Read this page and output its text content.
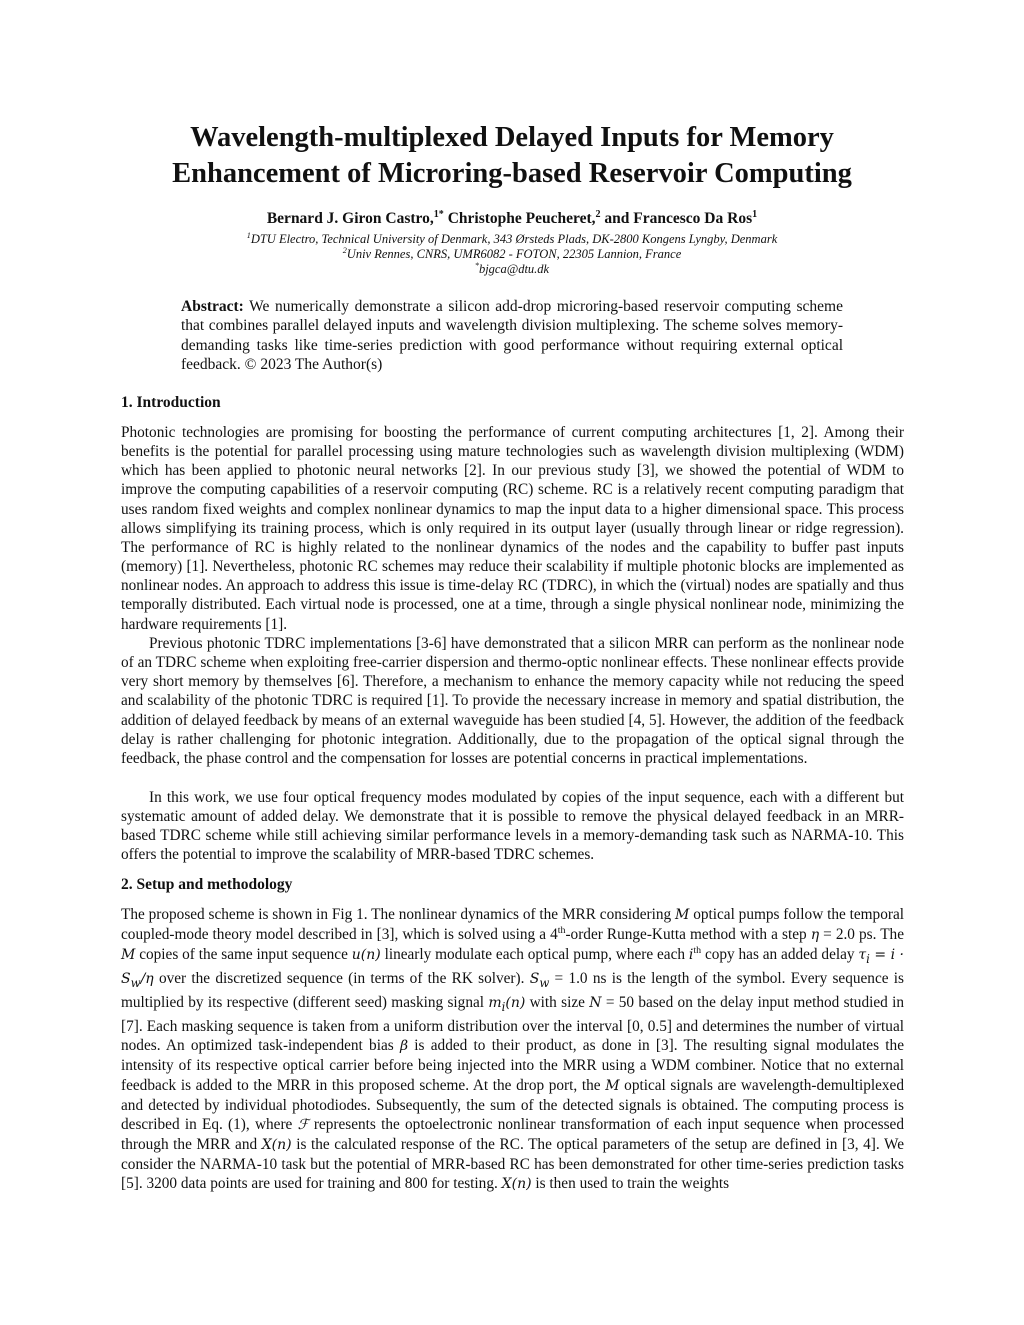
Wavelength-multiplexed Delayed Inputs for Memory
Enhancement of Microring-based Reservoir Computing
Bernard J. Giron Castro,$^{1*}$ Christophe Peucheret,$^2$ and Francesco Da Ros$^1$
$^1$DTU Electro, Technical University of Denmark, 343 Ørsteds Plads, DK-2800 Kongens Lyngby, Denmark
$^2$Univ Rennes, CNRS, UMR6082 - FOTON, 22305 Lannion, France
*bjgca@dtu.dk

Abstract: We numerically demonstrate a silicon add-drop microring-based reservoir computing scheme that combines parallel delayed inputs and wavelength division multiplexing. The scheme solves memory-demanding tasks like time-series prediction with good performance without requiring external optical feedback. © 2023 The Author(s)

1. Introduction

Photonic technologies are promising for boosting the performance of current computing architectures [1, 2]. Among their benefits is the potential for parallel processing using mature technologies such as wavelength division multiplexing (WDM) which has been applied to photonic neural networks [2]. In our previous study [3], we showed the potential of WDM to improve the computing capabilities of a reservoir computing (RC) scheme. RC is a relatively recent computing paradigm that uses random fixed weights and complex nonlinear dynamics to map the input data to a higher dimensional space. This process allows simplifying its training process, which is only required in its output layer (usually through linear or ridge regression). The performance of RC is highly related to the nonlinear dynamics of the nodes and the capability to buffer past inputs (memory) [1]. Nevertheless, photonic RC schemes may reduce their scalability if multiple photonic blocks are implemented as nonlinear nodes. An approach to address this issue is time-delay RC (TDRC), in which the (virtual) nodes are spatially and thus temporally distributed. Each virtual node is processed, one at a time, through a single physical nonlinear node, minimizing the hardware requirements [1].

Previous photonic TDRC implementations [3-6] have demonstrated that a silicon MRR can perform as the nonlinear node of an TDRC scheme when exploiting free-carrier dispersion and thermo-optic nonlinear effects. These nonlinear effects provide very short memory by themselves [6]. Therefore, a mechanism to enhance the memory capacity while not reducing the speed and scalability of the photonic TDRC is required [1]. To provide the necessary increase in memory and spatial distribution, the addition of delayed feedback by means of an external waveguide has been studied [4, 5]. However, the addition of the feedback delay is rather challenging for photonic integration. Additionally, due to the propagation of the optical signal through the feedback, the phase control and the compensation for losses are potential concerns in practical implementations.

In this work, we use four optical frequency modes modulated by copies of the input sequence, each with a different but systematic amount of added delay. We demonstrate that it is possible to remove the physical delayed feedback in an MRR-based TDRC scheme while still achieving similar performance levels in a memory-demanding task such as NARMA-10. This offers the potential to improve the scalability of MRR-based TDRC schemes.

2. Setup and methodology

The proposed scheme is shown in Fig 1. The nonlinear dynamics of the MRR considering M optical pumps follow the temporal coupled-mode theory model described in [3], which is solved using a 4th-order Runge-Kutta method with a step η = 2.0 ps. The M copies of the same input sequence u(n) linearly modulate each optical pump, where each $i^{th}$ copy has an added delay $\tau_i = i \cdot S_w/\eta$ over the discretized sequence (in terms of the RK solver). $S_w = 1.0$ ns is the length of the symbol. Every sequence is multiplied by its respective (different seed) masking signal $m_i(n)$ with size N = 50 based on the delay input method studied in [7]. Each masking sequence is taken from a uniform distribution over the interval [0, 0.5] and determines the number of virtual nodes. An optimized task-independent bias β is added to their product, as done in [3]. The resulting signal modulates the intensity of its respective optical carrier before being injected into the MRR using a WDM combiner. Notice that no external feedback is added to the MRR in this proposed scheme. At the drop port, the M optical signals are wavelength-demultiplexed and detected by individual photodiodes. Subsequently, the sum of the detected signals is obtained. The computing process is described in Eq. (1), where ℱ represents the optoelectronic nonlinear transformation of each input sequence when processed through the MRR and X(n) is the calculated response of the RC. The optical parameters of the setup are defined in [3, 4]. We consider the NARMA-10 task but the potential of MRR-based RC has been demonstrated for other time-series prediction tasks [5]. 3200 data points are used for training and 800 for testing. X(n) is then used to train the weights
